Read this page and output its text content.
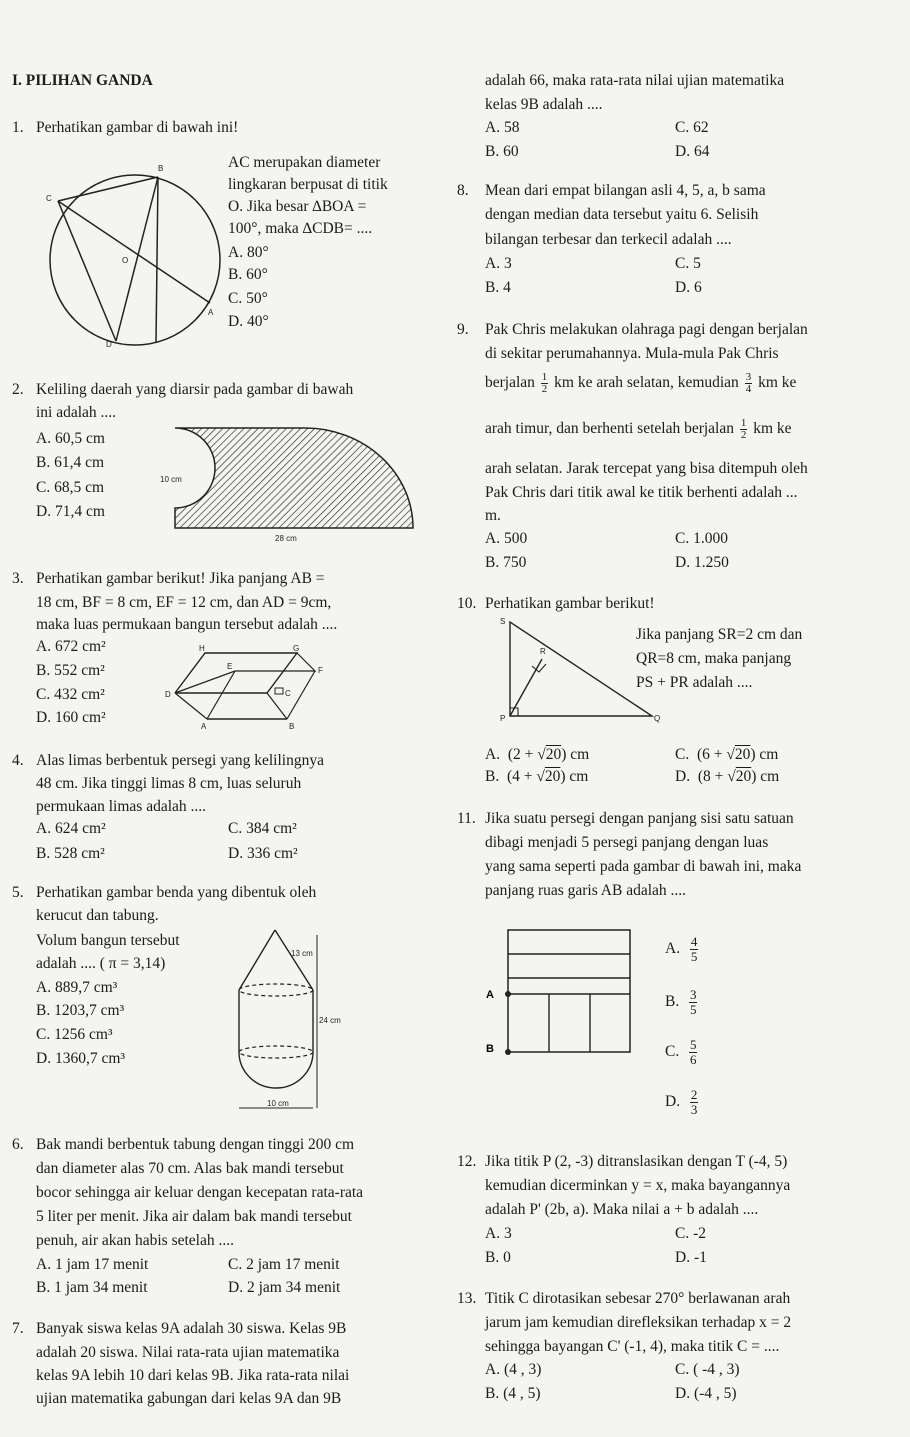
I. PILIHAN GANDA
1. Perhatikan gambar di bawah ini!
AC merupakan diameter
lingkaran berpusat di titik
O. Jika besar ∆BOA =
100°, maka ∆CDB= ....
A. 80°
B. 60°
C. 50°
D. 40°
B
C
O
A
D
2. Keliling daerah yang diarsir pada gambar di bawah
ini adalah ....
A. 60,5 cm
B. 61,4 cm
C. 68,5 cm
D. 71,4 cm
10 cm
28 cm
3. Perhatikan gambar berikut! Jika panjang AB =
18 cm, BF = 8 cm, EF = 12 cm, dan AD = 9cm,
maka luas permukaan bangun tersebut adalah ....
A. 672 cm²
B. 552 cm²
C. 432 cm²
D. 160 cm²
H	G
E	F
D	C
A	B
4. Alas limas berbentuk persegi yang kelilingnya
48 cm. Jika tinggi limas 8 cm, luas seluruh
permukaan limas adalah ....
A. 624 cm²
B. 528 cm²
C. 384 cm²
D. 336 cm²
5. Perhatikan gambar benda yang dibentuk oleh
kerucut dan tabung.
Volum bangun tersebut
adalah .... ( π = 3,14)
A. 889,7 cm³
B. 1203,7 cm³
C. 1256 cm³
D. 1360,7 cm³
13 cm
24 cm
10 cm
6. Bak mandi berbentuk tabung dengan tinggi 200 cm
dan diameter alas 70 cm. Alas bak mandi tersebut
bocor sehingga air keluar dengan kecepatan rata-rata
5 liter per menit. Jika air dalam bak mandi tersebut
penuh, air akan habis setelah ....
A. 1 jam 17 menit
B. 1 jam 34 menit
C. 2 jam 17 menit
D. 2 jam 34 menit
7. Banyak siswa kelas 9A adalah 30 siswa. Kelas 9B
adalah 20 siswa. Nilai rata-rata ujian matematika
kelas 9A lebih 10 dari kelas 9B. Jika rata-rata nilai
ujian matematika gabungan dari kelas 9A dan 9B
adalah 66, maka rata-rata nilai ujian matematika
kelas 9B adalah ....
A. 58
B. 60
C. 62
D. 64
8. Mean dari empat bilangan asli 4, 5, a, b sama
dengan median data tersebut yaitu 6. Selisih
bilangan terbesar dan terkecil adalah ....
A. 3
B. 4
C. 5
D. 6
9. Pak Chris melakukan olahraga pagi dengan berjalan
di sekitar perumahannya. Mula-mula Pak Chris
berjalan $\frac{1}{2}$ km ke arah selatan, kemudian $\frac{3}{4}$ km ke
arah timur, dan berhenti setelah berjalan $\frac{1}{2}$ km ke
arah selatan. Jarak tercepat yang bisa ditempuh oleh
Pak Chris dari titik awal ke titik berhenti adalah ...
m.
A. 500
B. 750
C. 1.000
D. 1.250
10. Perhatikan gambar berikut!
Jika panjang SR=2 cm dan
QR=8 cm, maka panjang
PS + PR adalah ....
S
R
P	Q
A. (2 + √20) cm
B. (4 + √20) cm
C. (6 + √20) cm
D. (8 + √20) cm
11. Jika suatu persegi dengan panjang sisi satu satuan
dibagi menjadi 5 persegi panjang dengan luas
yang sama seperti pada gambar di bawah ini, maka
panjang ruas garis AB adalah ....
A
B
A. $\frac{4}{5}$
B. $\frac{3}{5}$
C. $\frac{5}{6}$
D. $\frac{2}{3}$
12. Jika titik P (2, -3) ditranslasikan dengan T (-4, 5)
kemudian dicerminkan y = x, maka bayangannya
adalah P' (2b, a). Maka nilai a + b adalah ....
A. 3
B. 0
C. -2
D. -1
13. Titik C dirotasikan sebesar 270° berlawanan arah
jarum jam kemudian direfleksikan terhadap x = 2
sehingga bayangan C' (-1, 4), maka titik C = ....
A. (4 , 3)
B. (4 , 5)
C. ( -4 , 3)
D. (-4 , 5)
